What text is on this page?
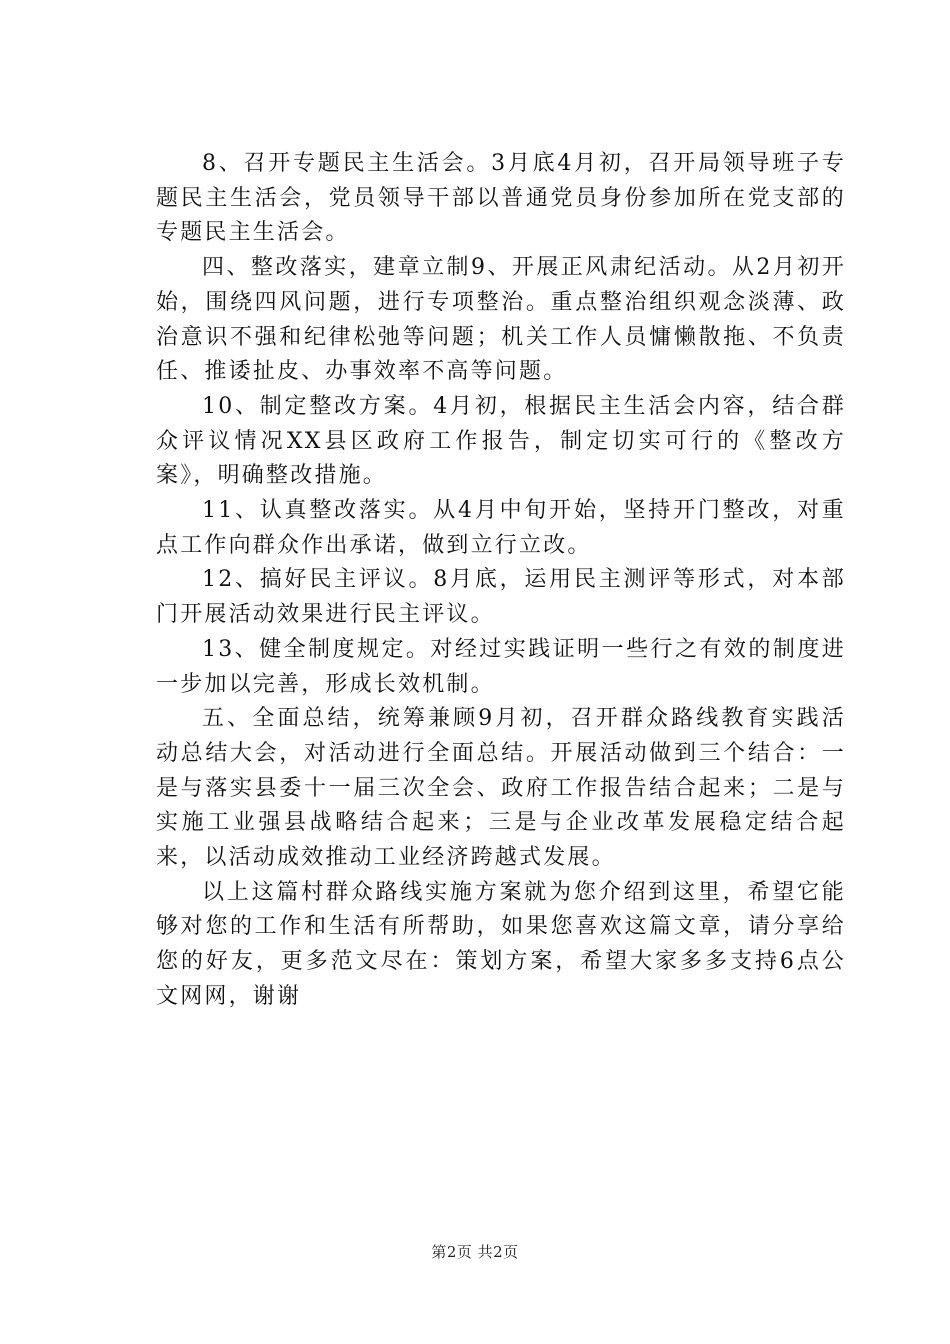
8、召开专题民主生活会。3月底4月初，召开局领导班子专题民主生活会，党员领导干部以普通党员身份参加所在党支部的专题民主生活会。

四、整改落实，建章立制9、开展正风肃纪活动。从2月初开始，围绕四风问题，进行专项整治。重点整治组织观念淡薄、政治意识不强和纪律松弛等问题；机关工作人员慵懒散拖、不负责任、推诿扯皮、办事效率不高等问题。

10、制定整改方案。4月初，根据民主生活会内容，结合群众评议情况XX县区政府工作报告，制定切实可行的《整改方案》，明确整改措施。

11、认真整改落实。从4月中旬开始，坚持开门整改，对重点工作向群众作出承诺，做到立行立改。

12、搞好民主评议。8月底，运用民主测评等形式，对本部门开展活动效果进行民主评议。

13、健全制度规定。对经过实践证明一些行之有效的制度进一步加以完善，形成长效机制。

五、全面总结，统筹兼顾9月初，召开群众路线教育实践活动总结大会，对活动进行全面总结。开展活动做到三个结合：一是与落实县委十一届三次全会、政府工作报告结合起来；二是与实施工业强县战略结合起来；三是与企业改革发展稳定结合起来，以活动成效推动工业经济跨越式发展。

以上这篇村群众路线实施方案就为您介绍到这里，希望它能够对您的工作和生活有所帮助，如果您喜欢这篇文章，请分享给您的好友，更多范文尽在：策划方案，希望大家多多支持6点公文网网，谢谢

第2页 共2页
